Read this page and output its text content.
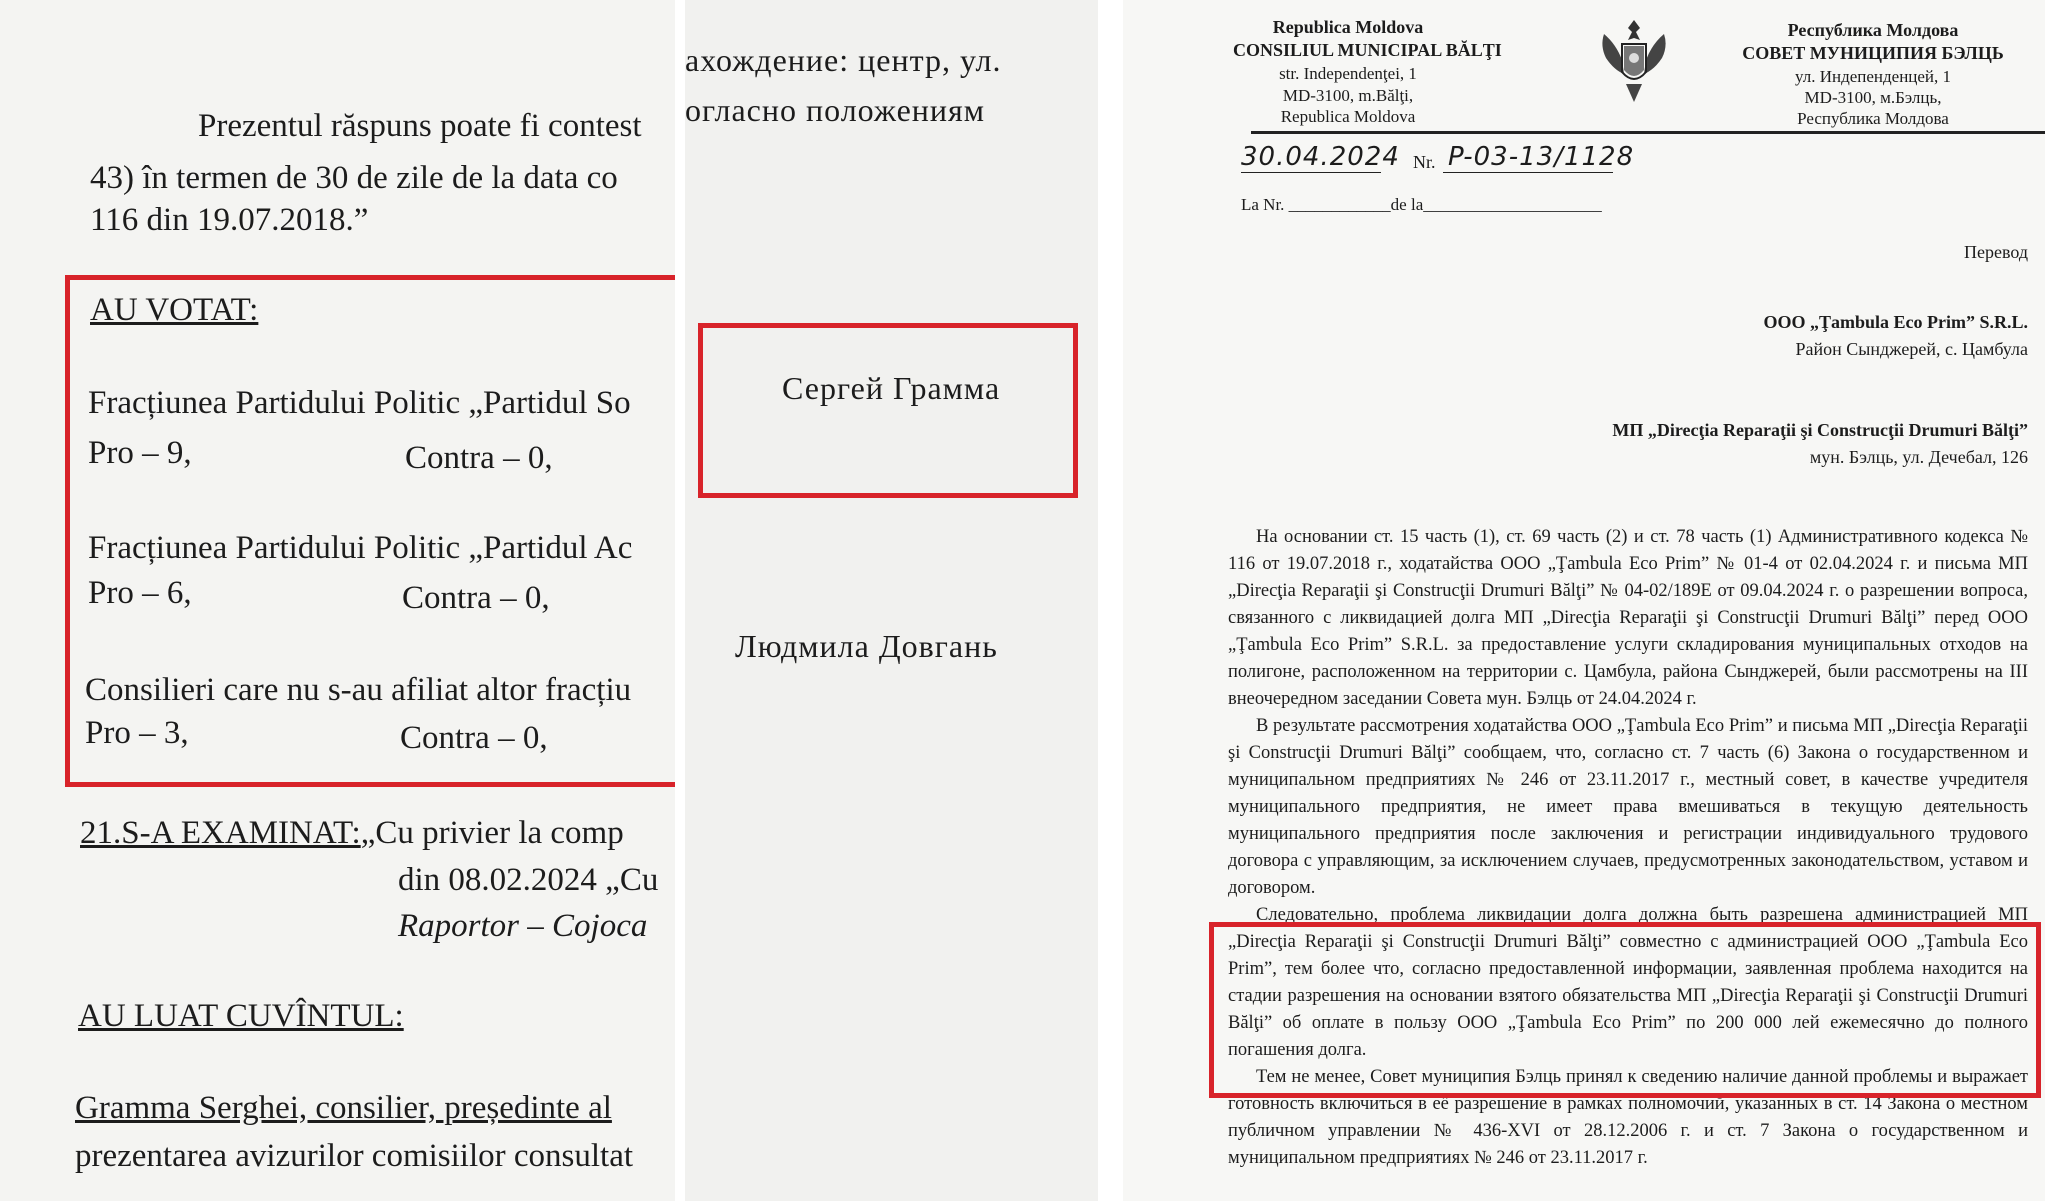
Prezentul răspuns poate fi contest
43) în termen de 30 de zile de la data co
116 din 19.07.2018.”
AU VOTAT:
Fracțiunea Partidului Politic „Partidul So
Pro – 9,	Contra – 0,
Fracțiunea Partidului Politic „Partidul Ac
Pro – 6,	Contra – 0,
Consilieri care nu s-au afiliat altor fracțiu
Pro – 3,	Contra – 0,
21.S-A EXAMINAT:„Cu privier la comp
din 08.02.2024 „Cu
Raportor – Cojoca
AU LUAT CUVÎNTUL:
Gramma Serghei, consilier, președinte al
prezentarea avizurilor comisiilor consultat
ахождение: центр, ул.
огласно положениям
Сергей Грамма
Людмила Довгань
Republica Moldova
CONSILIUL MUNICIPAL BĂLŢI
str. Independenţei, 1
MD-3100, m.Bălţi,
Republica Moldova
Республика Молдова
СОВЕТ МУНИЦИПИЯ БЭЛЦЬ
ул. Индепенденцей, 1
MD-3100, м.Бэлць,
Республика Молдова
30.04.2024 Nr. P-03-13/1128
La Nr. ____________de la_____________________
Перевод
ООО „Ţambula Eco Prim” S.R.L.
Район Сынджерей, с. Цамбула
МП „Direcţia Reparaţii şi Construcţii Drumuri Bălţi”
мун. Бэлць, ул. Дечебал, 126

На основании ст. 15 часть (1), ст. 69 часть (2) и ст. 78 часть (1) Административного кодекса № 116 от 19.07.2018 г., ходатайства ООО „Ţambula Eco Prim” № 01-4 от 02.04.2024 г. и письма МП „Direcţia Reparaţii şi Construcţii Drumuri Bălţi” № 04-02/189E от 09.04.2024 г. о разрешении вопроса, связанного с ликвидацией долга МП „Direcţia Reparaţii şi Construcţii Drumuri Bălţi” перед ООО „Ţambula Eco Prim” S.R.L. за предоставление услуги складирования муниципальных отходов на полигоне, расположенном на территории с. Цамбула, района Сынджерей, были рассмотрены на III внеочередном заседании Совета мун. Бэлць от 24.04.2024 г.

В результате рассмотрения ходатайства ООО „Ţambula Eco Prim” и письма МП „Direcţia Reparaţii şi Construcţii Drumuri Bălţi” сообщаем, что, согласно ст. 7 часть (6) Закона о государственном и муниципальном предприятиях № 246 от 23.11.2017 г., местный совет, в качестве учредителя муниципального предприятия, не имеет права вмешиваться в текущую деятельность муниципального предприятия после заключения и регистрации индивидуального трудового договора с управляющим, за исключением случаев, предусмотренных законодательством, уставом и договором.

Следовательно, проблема ликвидации долга должна быть разрешена администрацией МП „Direcţia Reparaţii şi Construcţii Drumuri Bălţi” совместно с администрацией ООО „Ţambula Eco Prim”, тем более что, согласно предоставленной информации, заявленная проблема находится на стадии разрешения на основании взятого обязательства МП „Direcţia Reparaţii şi Construcţii Drumuri Bălţi” об оплате в пользу ООО „Ţambula Eco Prim” по 200 000 лей ежемесячно до полного погашения долга.

Тем не менее, Совет муниципия Бэлць принял к сведению наличие данной проблемы и выражает готовность включиться в её разрешение в рамках полномочий, указанных в ст. 14 Закона о местном публичном управлении № 436-XVI от 28.12.2006 г. и ст. 7 Закона о государственном и муниципальном предприятиях № 246 от 23.11.2017 г.
